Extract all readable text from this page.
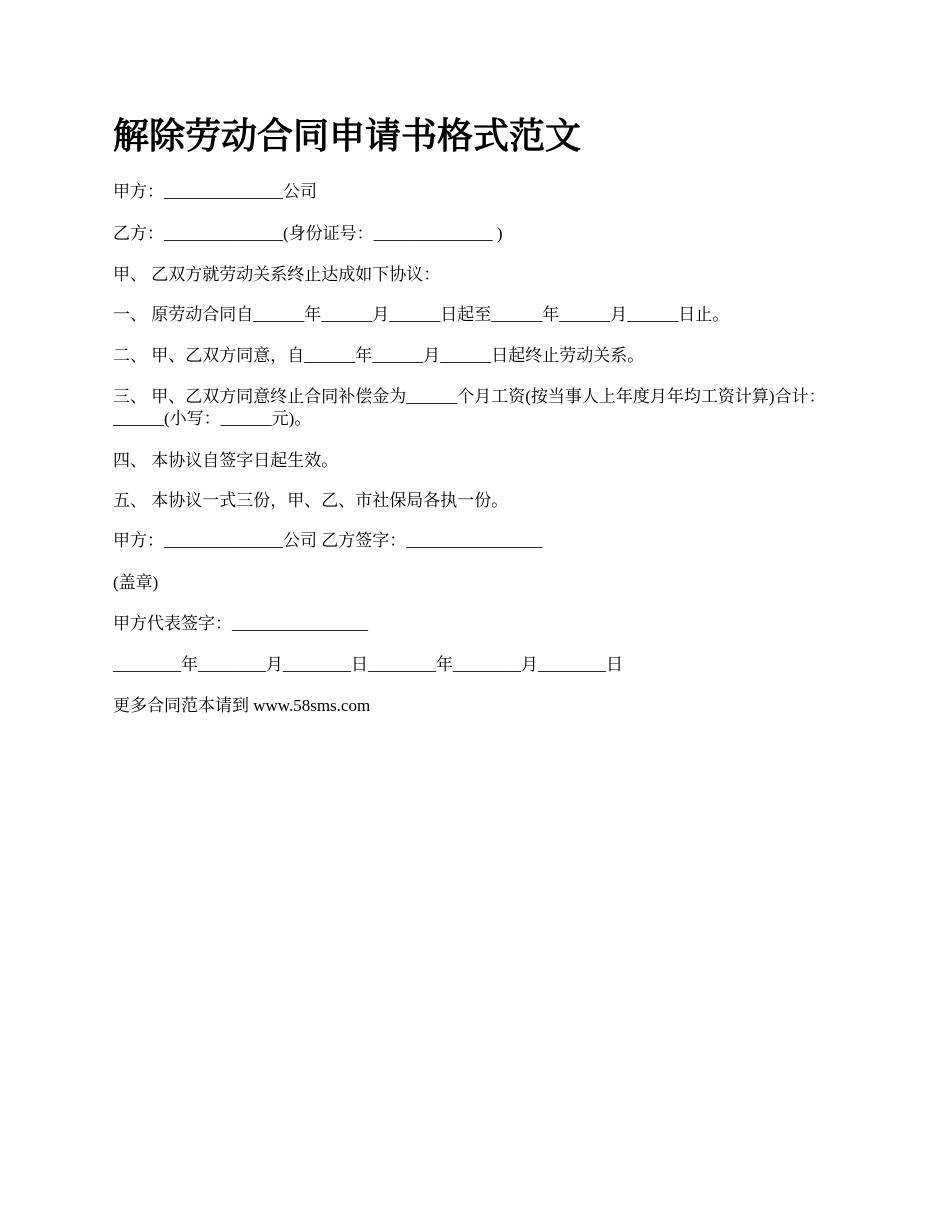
解除劳动合同申请书格式范文

甲方：______________公司

乙方：______________(身份证号：______________ )

甲、 乙双方就劳动关系终止达成如下协议：

一、 原劳动合同自______年______月______日起至______年______月______日止。

二、 甲、乙双方同意，自______年______月______日起终止劳动关系。

三、 甲、乙双方同意终止合同补偿金为______个月工资(按当事人上年度月年均工资计算)合计：______(小写：______元)。

四、 本协议自签字日起生效。

五、 本协议一式三份，甲、乙、市社保局各执一份。

甲方：______________公司 乙方签字：________________

(盖章)

甲方代表签字：________________

________年________月________日________年________月________日

更多合同范本请到 www.58sms.com
